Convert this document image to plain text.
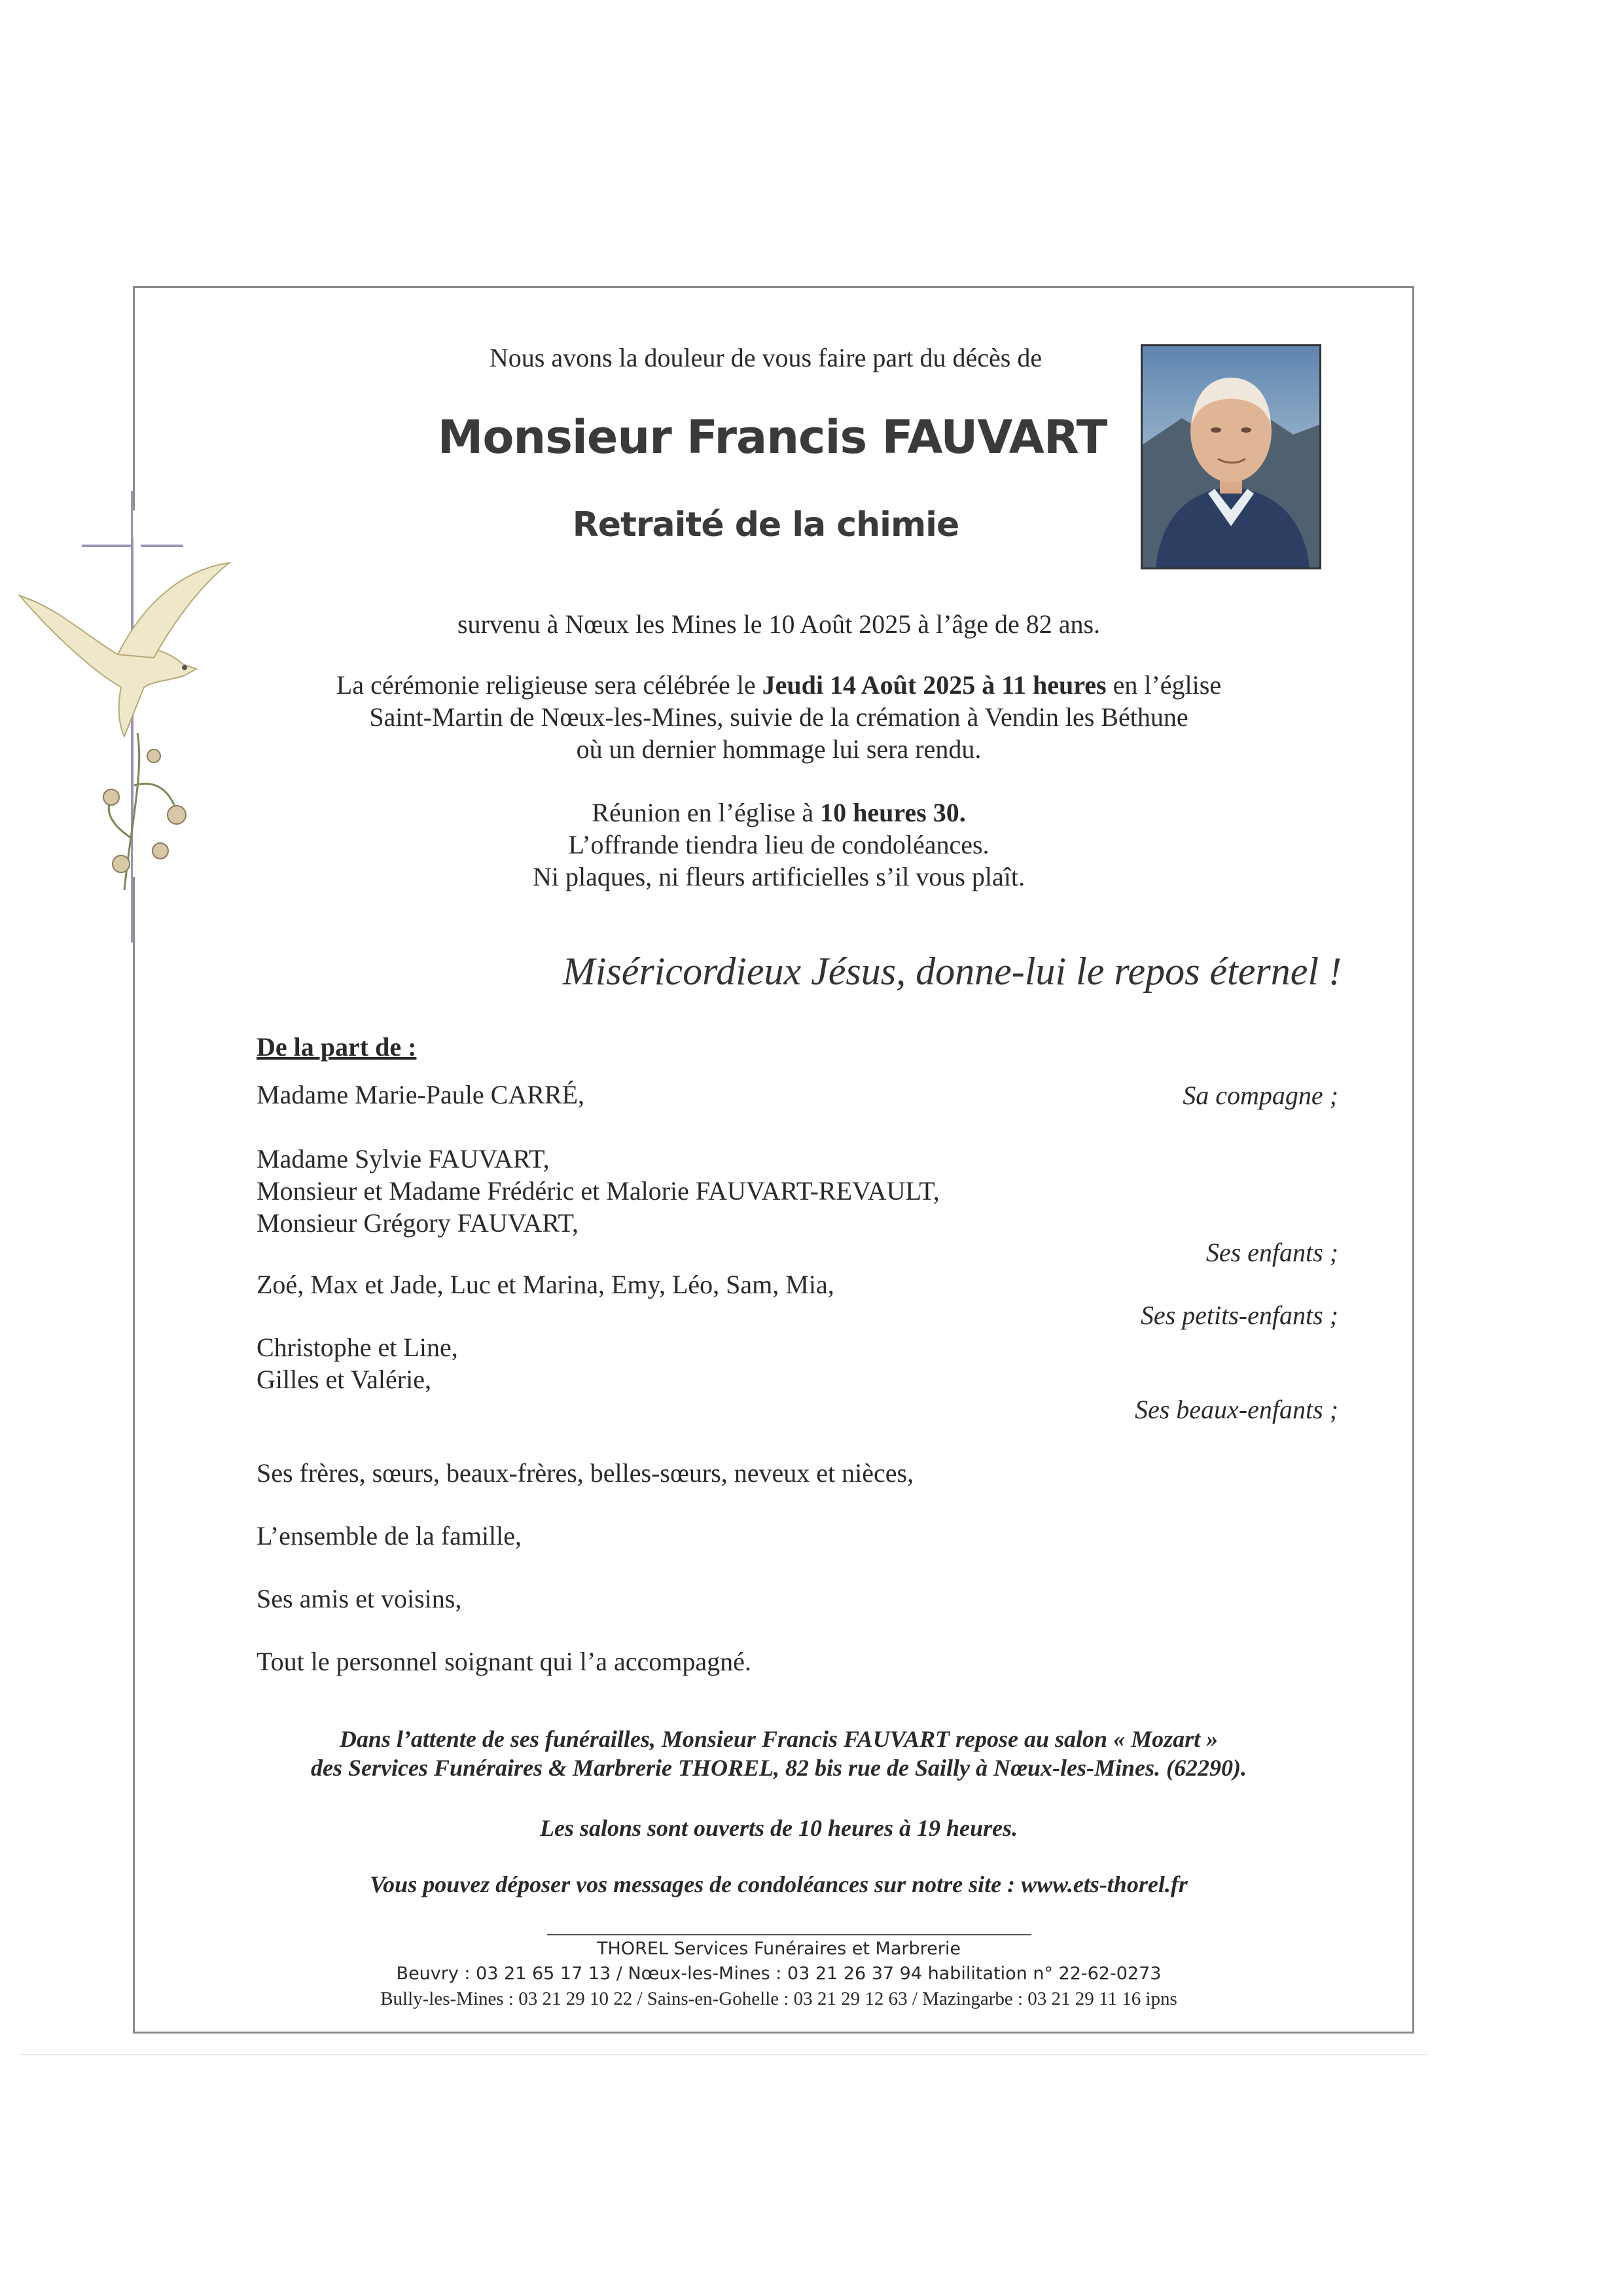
Nous avons la douleur de vous faire part du décès de
Monsieur Francis FAUVART
Retraité de la chimie
survenu à Nœux les Mines le 10 Août 2025 à l’âge de 82 ans.
La cérémonie religieuse sera célébrée le Jeudi 14 Août 2025 à 11 heures en l’église
Saint-Martin de Nœux-les-Mines, suivie de la crémation à Vendin les Béthune
où un dernier hommage lui sera rendu.
Réunion en l’église à 10 heures 30.
L’offrande tiendra lieu de condoléances.
Ni plaques, ni fleurs artificielles s’il vous plaît.
Miséricordieux Jésus, donne-lui le repos éternel !
De la part de :
Madame Marie-Paule CARRÉ,	Sa compagne ;
Madame Sylvie FAUVART,
Monsieur et Madame Frédéric et Malorie FAUVART-REVAULT,
Monsieur Grégory FAUVART,
Ses enfants ;
Zoé, Max et Jade, Luc et Marina, Emy, Léo, Sam, Mia,
Ses petits-enfants ;
Christophe et Line,
Gilles et Valérie,
Ses beaux-enfants ;
Ses frères, sœurs, beaux-frères, belles-sœurs, neveux et nièces,
L’ensemble de la famille,
Ses amis et voisins,
Tout le personnel soignant qui l’a accompagné.
Dans l’attente de ses funérailles, Monsieur Francis FAUVART repose au salon « Mozart »
des Services Funéraires & Marbrerie THOREL, 82 bis rue de Sailly à Nœux-les-Mines. (62290).
Les salons sont ouverts de 10 heures à 19 heures.
Vous pouvez déposer vos messages de condoléances sur notre site : www.ets-thorel.fr
THOREL Services Funéraires et Marbrerie
Beuvry : 03 21 65 17 13 / Nœux-les-Mines : 03 21 26 37 94 habilitation n° 22-62-0273
Bully-les-Mines : 03 21 29 10 22 / Sains-en-Gohelle : 03 21 29 12 63 / Mazingarbe : 03 21 29 11 16 ipns
